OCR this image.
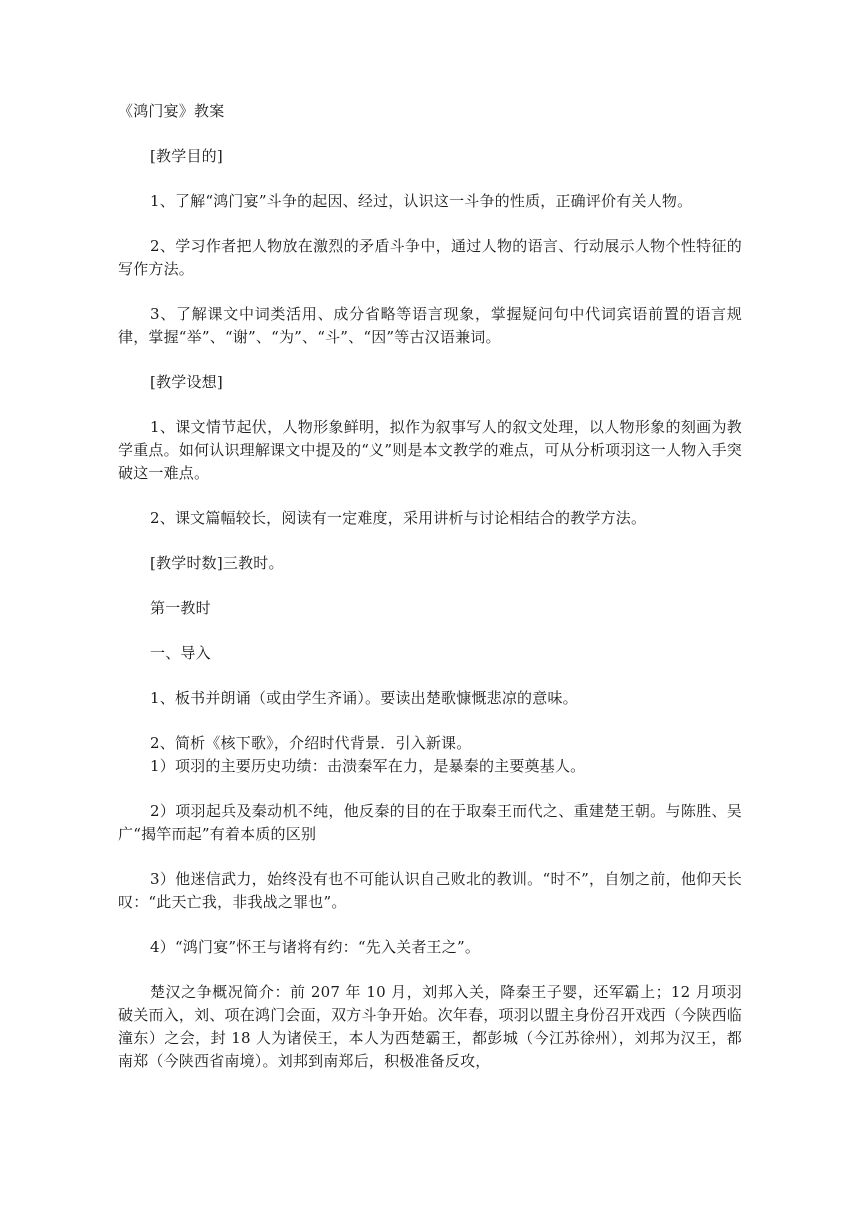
《鸿门宴》教案

[教学目的]

1、了解“鸿门宴”斗争的起因、经过，认识这一斗争的性质，正确评价有关人物。

2、学习作者把人物放在激烈的矛盾斗争中，通过人物的语言、行动展示人物个性特征的写作方法。

3、了解课文中词类活用、成分省略等语言现象，掌握疑问句中代词宾语前置的语言规律，掌握“举”、“谢”、“为”、“斗”、“因”等古汉语兼词。

[教学设想]

1、课文情节起伏，人物形象鲜明，拟作为叙事写人的叙文处理，以人物形象的刻画为教学重点。如何认识理解课文中提及的“义”则是本文教学的难点，可从分析项羽这一人物入手突破这一难点。

2、课文篇幅较长，阅读有一定难度，采用讲析与讨论相结合的教学方法。

[教学时数]三教时。

第一教时

一、导入

1、板书并朗诵（或由学生齐诵）。要读出楚歌慷慨悲凉的意味。

2、简析《核下歌》，介绍时代背景．引入新课。

1）项羽的主要历史功绩：击溃秦军在力，是暴秦的主要奠基人。

2）项羽起兵及秦动机不纯，他反秦的目的在于取秦王而代之、重建楚王朝。与陈胜、吴广“揭竿而起”有着本质的区别

3）他迷信武力，始终没有也不可能认识自己败北的教训。“时不”，自刎之前，他仰天长叹：“此天亡我，非我战之罪也”。

4）“鸿门宴”怀王与诸将有约：“先入关者王之”。

楚汉之争概况简介：前 207 年 10 月，刘邦入关，降秦王子婴，还军霸上；12 月项羽破关而入，刘、项在鸿门会面，双方斗争开始。次年春，项羽以盟主身份召开戏西（今陕西临潼东）之会，封 18 人为诸侯王，本人为西楚霸王，都彭城（今江苏徐州），刘邦为汉王，都南郑（今陕西省南境）。刘邦到南郑后，积极准备反攻，
